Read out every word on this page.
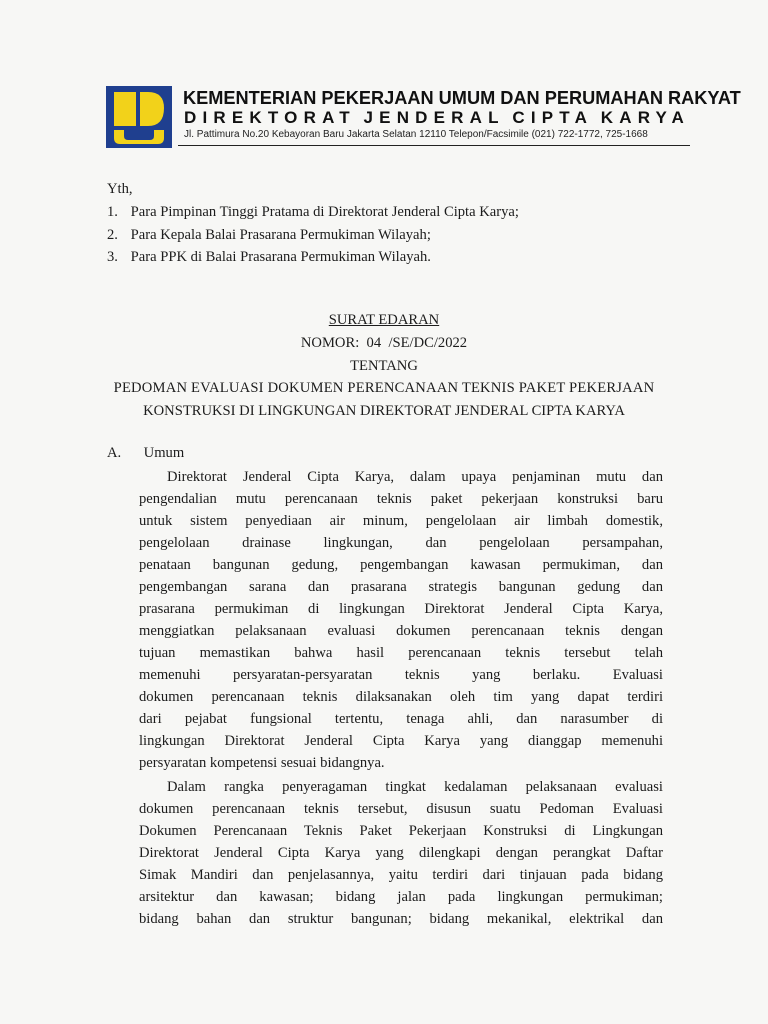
KEMENTERIAN PEKERJAAN UMUM DAN PERUMAHAN RAKYAT
DIREKTORAT JENDERAL CIPTA KARYA
Jl. Pattimura No.20 Kebayoran Baru Jakarta Selatan 12110 Telepon/Facsimile (021) 722-1772, 725-1668
Yth,
1. Para Pimpinan Tinggi Pratama di Direktorat Jenderal Cipta Karya;
2. Para Kepala Balai Prasarana Permukiman Wilayah;
3. Para PPK di Balai Prasarana Permukiman Wilayah.
SURAT EDARAN
NOMOR:  04  /SE/DC/2022
TENTANG
PEDOMAN EVALUASI DOKUMEN PERENCANAAN TEKNIS PAKET PEKERJAAN
KONSTRUKSI DI LINGKUNGAN DIREKTORAT JENDERAL CIPTA KARYA
A. Umum
Direktorat Jenderal Cipta Karya, dalam upaya penjaminan mutu dan
pengendalian mutu perencanaan teknis paket pekerjaan konstruksi baru
untuk sistem penyediaan air minum, pengelolaan air limbah domestik,
pengelolaan drainase lingkungan, dan pengelolaan persampahan,
penataan bangunan gedung, pengembangan kawasan permukiman, dan
pengembangan sarana dan prasarana strategis bangunan gedung dan
prasarana permukiman di lingkungan Direktorat Jenderal Cipta Karya,
menggiatkan pelaksanaan evaluasi dokumen perencanaan teknis dengan
tujuan memastikan bahwa hasil perencanaan teknis tersebut telah
memenuhi persyaratan-persyaratan teknis yang berlaku. Evaluasi
dokumen perencanaan teknis dilaksanakan oleh tim yang dapat terdiri
dari pejabat fungsional tertentu, tenaga ahli, dan narasumber di
lingkungan Direktorat Jenderal Cipta Karya yang dianggap memenuhi
persyaratan kompetensi sesuai bidangnya.
Dalam rangka penyeragaman tingkat kedalaman pelaksanaan evaluasi
dokumen perencanaan teknis tersebut, disusun suatu Pedoman Evaluasi
Dokumen Perencanaan Teknis Paket Pekerjaan Konstruksi di Lingkungan
Direktorat Jenderal Cipta Karya yang dilengkapi dengan perangkat Daftar
Simak Mandiri dan penjelasannya, yaitu terdiri dari tinjauan pada bidang
arsitektur dan kawasan; bidang jalan pada lingkungan permukiman;
bidang bahan dan struktur bangunan; bidang mekanikal, elektrikal dan
